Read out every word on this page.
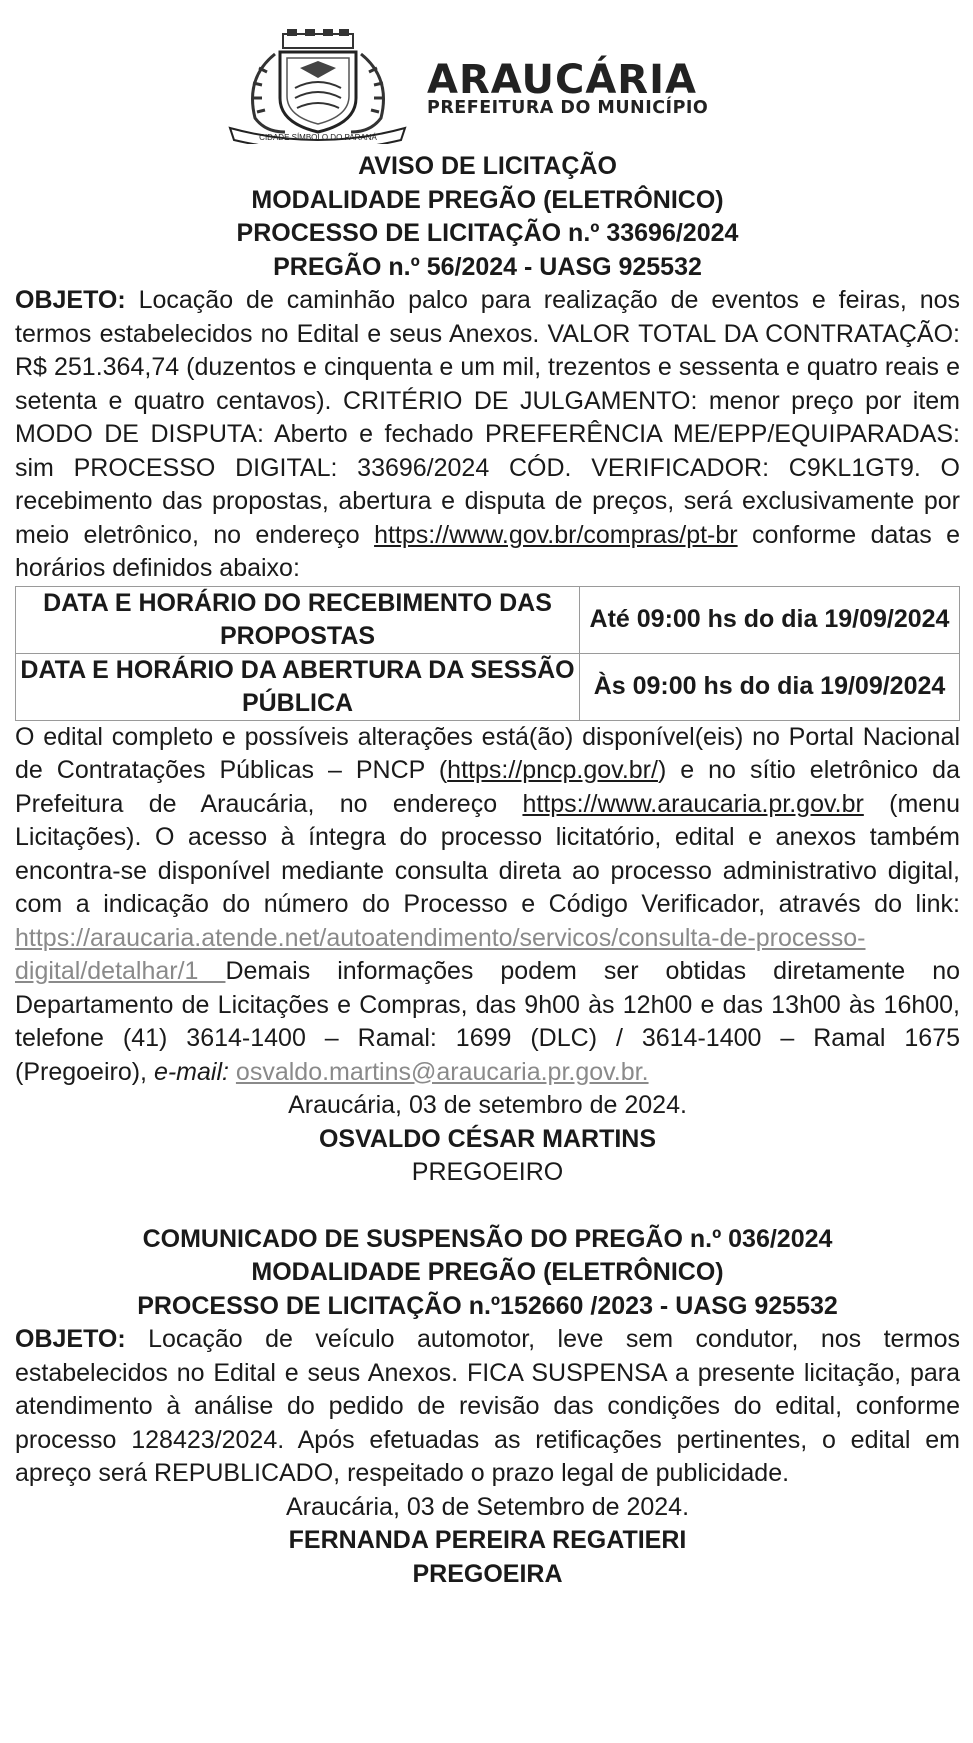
CIDADE SÍMBOLO DO PARANÁ
ARAUCÁRIA
PREFEITURA DO MUNICÍPIO
AVISO DE LICITAÇÃO
MODALIDADE PREGÃO (ELETRÔNICO)
PROCESSO DE LICITAÇÃO n.º 33696/2024
PREGÃO n.º 56/2024 - UASG 925532
OBJETO: Locação de caminhão palco para realização de eventos e feiras, nos termos estabelecidos no Edital e seus Anexos. VALOR TOTAL DA CONTRATAÇÃO: R$ 251.364,74 (duzentos e cinquenta e um mil, trezentos e sessenta e quatro reais e setenta e quatro centavos). CRITÉRIO DE JULGAMENTO: menor preço por item MODO DE DISPUTA: Aberto e fechado PREFERÊNCIA ME/EPP/EQUIPARADAS: sim PROCESSO DIGITAL: 33696/2024 CÓD. VERIFICADOR: C9KL1GT9. O recebimento das propostas, abertura e disputa de preços, será exclusivamente por meio eletrônico, no endereço https://www.gov.br/compras/pt-br conforme datas e horários definidos abaixo:
DATA E HORÁRIO DO RECEBIMENTO DAS PROPOSTAS	Até 09:00 hs do dia 19/09/2024
DATA E HORÁRIO DA ABERTURA DA SESSÃO PÚBLICA	Às 09:00 hs do dia 19/09/2024
O edital completo e possíveis alterações está(ão) disponível(eis) no Portal Nacional de Contratações Públicas – PNCP (https://pncp.gov.br/) e no sítio eletrônico da Prefeitura de Araucária, no endereço https://www.araucaria.pr.gov.br (menu Licitações). O acesso à íntegra do processo licitatório, edital e anexos também encontra-se disponível mediante consulta direta ao processo administrativo digital, com a indicação do número do Processo e Código Verificador, através do link: https://araucaria.atende.net/autoatendimento/servicos/consulta-de-processo-digital/detalhar/1 Demais informações podem ser obtidas diretamente no Departamento de Licitações e Compras, das 9h00 às 12h00 e das 13h00 às 16h00, telefone (41) 3614-1400 – Ramal: 1699 (DLC) / 3614-1400 – Ramal 1675 (Pregoeiro), e-mail: osvaldo.martins@araucaria.pr.gov.br.
Araucária, 03 de setembro de 2024.
OSVALDO CÉSAR MARTINS
PREGOEIRO
COMUNICADO DE SUSPENSÃO DO PREGÃO n.º 036/2024
MODALIDADE PREGÃO (ELETRÔNICO)
PROCESSO DE LICITAÇÃO n.º152660 /2023 - UASG 925532
OBJETO: Locação de veículo automotor, leve sem condutor, nos termos estabelecidos no Edital e seus Anexos. FICA SUSPENSA a presente licitação, para atendimento à análise do pedido de revisão das condições do edital, conforme processo 128423/2024. Após efetuadas as retificações pertinentes, o edital em apreço será REPUBLICADO, respeitado o prazo legal de publicidade.
Araucária, 03 de Setembro de 2024.
FERNANDA PEREIRA REGATIERI
PREGOEIRA
